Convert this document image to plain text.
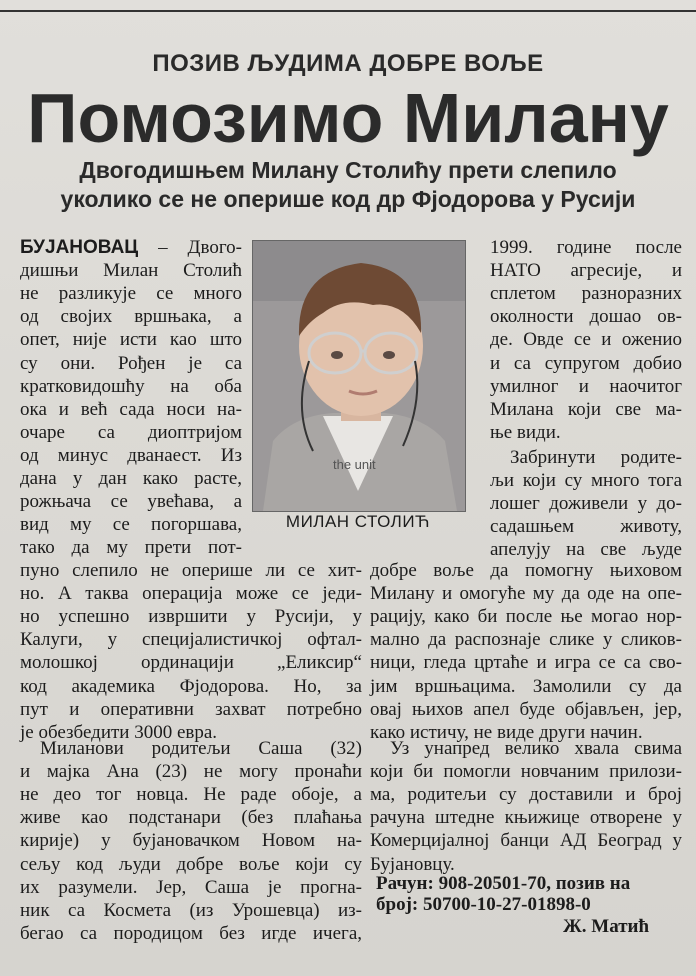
ПОЗИВ ЉУДИМА ДОБРЕ ВОЉЕ
Помозимо Милану
Двогодишњем Милану Столићу прети слепило
уколико се не оперише код др Фјодорова у Русији
БУЈАНОВАЦ – Двого-
дишњи Милан Столић
не разликује се много
од својих вршњака, а
опет, није исти као што
су они. Рођен је са
кратковидошћу на оба
ока и већ сада носи на-
очаре са диоптријом
од минус дванаест. Из
дана у дан како расте,
рожњача се увећава, а
вид му се погоршава,
тако да му прети пот-
пуно слепило не оперише ли се хит-
но. А таква операција може се једи-
но успешно извршити у Русији, у
Калуги, у специјалистичкој офтал-
молошкој ординацији „Еликсир“
код академика Фјодорова. Но, за
пут и оперативни захват потребно
је обезбедити 3000 евра.
Миланови родитељи Саша (32)
и мајка Ана (23) не могу пронаћи
не део тог новца. Не раде обоје, а
живе као подстанари (без плаћања
кирије) у бујановачком Новом на-
сељу код људи добре воље који су
их разумели. Јер, Саша је прогна-
ник са Космета (из Урошевца) из-
бегао са породицом без игде ичега,
1999. године после
НАТО агресије, и
сплетом разноразних
околности дошао ов-
де. Овде се и оженио
и са супругом добио
умилног и наочитог
Милана који све ма-
ње види.
Забринути родите-
љи који су много тога
лошег доживели у до-
садашњем животу,
апелују на све људе
добре воље да помогну њиховом
Милану и омогуће му да оде на опе-
рацију, како би после ње могао нор-
мално да распознаје слике у сликов-
ници, гледа цртаће и игра се са сво-
јим вршњацима. Замолили су да
овај њихов апел буде објављен, јер,
како истичу, не виде други начин.
Уз унапред велико хвала свима
који би помогли новчаним прилози-
ма, родитељи су доставили и број
рачуна штедне књижице отворене у
Комерцијалној банци АД Београд у
Бујановцу.
the unit
МИЛАН СТОЛИЋ
Рачун: 908-20501-70, позив на
број: 50700-10-27-01898-0
Ж. Матић
